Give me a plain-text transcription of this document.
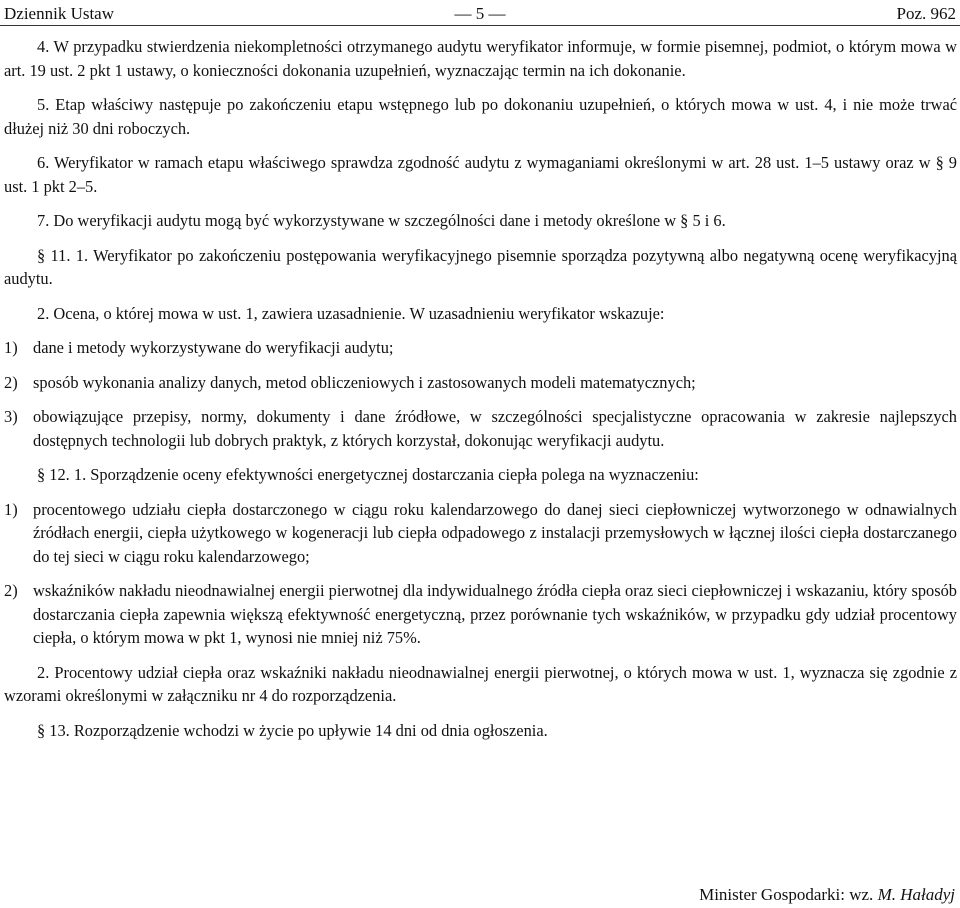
— 5 —
Dziennik Ustaw	Poz. 962
4. W przypadku stwierdzenia niekompletności otrzymanego audytu weryfikator informuje, w formie pisemnej, podmiot, o którym mowa w art. 19 ust. 2 pkt 1 ustawy, o konieczności dokonania uzupełnień, wyznaczając termin na ich dokonanie.
5. Etap właściwy następuje po zakończeniu etapu wstępnego lub po dokonaniu uzupełnień, o których mowa w ust. 4, i nie może trwać dłużej niż 30 dni roboczych.
6. Weryfikator w ramach etapu właściwego sprawdza zgodność audytu z wymaganiami określonymi w art. 28 ust. 1–5 ustawy oraz w § 9 ust. 1 pkt 2–5.
7. Do weryfikacji audytu mogą być wykorzystywane w szczególności dane i metody określone w § 5 i 6.
§ 11. 1. Weryfikator po zakończeniu postępowania weryfikacyjnego pisemnie sporządza pozytywną albo negatywną ocenę weryfikacyjną audytu.
2. Ocena, o której mowa w ust. 1, zawiera uzasadnienie. W uzasadnieniu weryfikator wskazuje:
1) dane i metody wykorzystywane do weryfikacji audytu;
2) sposób wykonania analizy danych, metod obliczeniowych i zastosowanych modeli matematycznych;
3) obowiązujące przepisy, normy, dokumenty i dane źródłowe, w szczególności specjalistyczne opracowania w zakresie najlepszych dostępnych technologii lub dobrych praktyk, z których korzystał, dokonując weryfikacji audytu.
§ 12. 1. Sporządzenie oceny efektywności energetycznej dostarczania ciepła polega na wyznaczeniu:
1) procentowego udziału ciepła dostarczonego w ciągu roku kalendarzowego do danej sieci ciepłowniczej wytworzonego w odnawialnych źródłach energii, ciepła użytkowego w kogeneracji lub ciepła odpadowego z instalacji przemysłowych w łącznej ilości ciepła dostarczanego do tej sieci w ciągu roku kalendarzowego;
2) wskaźników nakładu nieodnawialnej energii pierwotnej dla indywidualnego źródła ciepła oraz sieci ciepłowniczej i wskazaniu, który sposób dostarczania ciepła zapewnia większą efektywność energetyczną, przez porównanie tych wskaźników, w przypadku gdy udział procentowy ciepła, o którym mowa w pkt 1, wynosi nie mniej niż 75%.
2. Procentowy udział ciepła oraz wskaźniki nakładu nieodnawialnej energii pierwotnej, o których mowa w ust. 1, wyznacza się zgodnie z wzorami określonymi w załączniku nr 4 do rozporządzenia.
§ 13. Rozporządzenie wchodzi w życie po upływie 14 dni od dnia ogłoszenia.
Minister Gospodarki: wz. M. Haładyj
